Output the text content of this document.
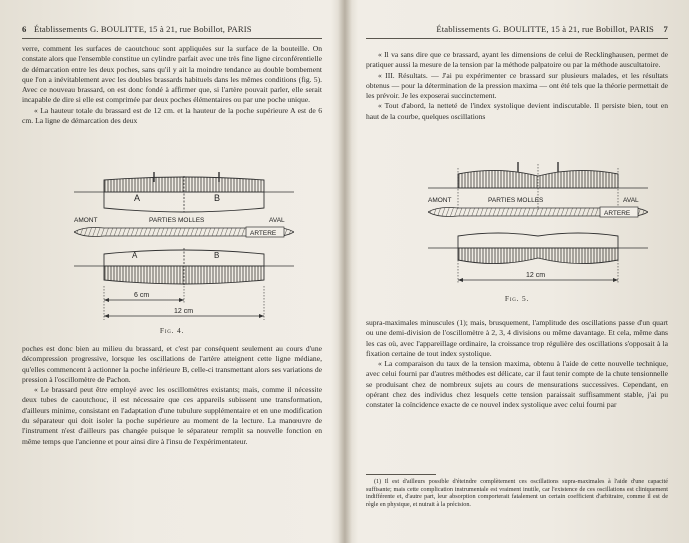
6 Établissements G. BOULITTE, 15 à 21, rue Bobillot, PARIS

verre, comment les surfaces de caoutchouc sont appliquées sur la surface de la bouteille. On constate alors que l'ensemble constitue un cylindre parfait avec une très fine ligne circonférentielle de démarcation entre les deux poches, sans qu'il y ait la moindre tendance au double bombement que l'on a inévitablement avec les doubles brassards habituels dans les mêmes conditions (fig. 5). Avec ce nouveau brassard, on est donc fondé à affirmer que, si l'artère pouvait parler, elle serait incapable de dire si elle est comprimée par deux poches élémentaires ou par une poche unique.

« La hauteur totale du brassard est de 12 cm. et la hauteur de la poche supérieure A est de 6 cm. La ligne de démarcation des deux

A	B
AMONT	PARTIES MOLLES	AVAL
ARTERE
A	B
6 cm
12 cm
Fig. 4.

poches est donc bien au milieu du brassard, et c'est par conséquent seulement au cours d'une décompression progressive, lorsque les oscillations de l'artère atteignent cette ligne médiane, qu'elles commencent à actionner la poche inférieure B, celle-ci transmettant alors ses variations de pression à l'oscillomètre de Pachon.

« Le brassard peut être employé avec les oscillomètres existants; mais, comme il nécessite deux tubes de caoutchouc, il est nécessaire que ces appareils subissent une transformation, d'ailleurs minime, consistant en l'adaptation d'une tubulure supplémentaire et en une modification du séparateur qui doit isoler la poche supérieure au moment de la lecture. La manœuvre de l'instrument n'est d'ailleurs pas changée puisque le séparateur remplit sa nouvelle fonction en même temps que l'ancienne et pour ainsi dire à l'insu de l'expérimentateur.

Établissements G. BOULITTE, 15 à 21, rue Bobillot, PARIS 7

« Il va sans dire que ce brassard, ayant les dimensions de celui de Recklinghausen, permet de pratiquer aussi la mesure de la tension par la méthode palpatoire ou par la méthode auscultatoire.

« III. Résultats. — J'ai pu expérimenter ce brassard sur plusieurs malades, et les résultats obtenus — pour la détermination de la pression maxima — ont été tels que la théorie permettait de les prévoir. Je les exposerai succinctement.

« Tout d'abord, la netteté de l'index systolique devient indiscutable. Il persiste bien, tout en haut de la courbe, quelques oscillations

AMONT	PARTIES MOLLES	AVAL
ARTERE
12 cm
Fig. 5.

supra-maximales minuscules (1); mais, brusquement, l'amplitude des oscillations passe d'un quart ou une demi-division de l'oscillomètre à 2, 3, 4 divisions ou même davantage. Et cela, même dans les cas où, avec l'appareillage ordinaire, la croissance trop régulière des oscillations s'opposait à la fixation certaine de tout index systolique.

« La comparaison du taux de la tension maxima, obtenu à l'aide de cette nouvelle technique, avec celui fourni par d'autres méthodes est délicate, car il faut tenir compte de la chute tensionnelle se produisant chez de nombreux sujets au cours de mensurations successives. Cependant, en opérant chez des individus chez lesquels cette tension paraissait suffisamment stable, j'ai pu constater la coïncidence exacte de ce nouvel index systolique avec celui fourni par

(1) Il est d'ailleurs possible d'éteindre complètement ces oscillations supra-maximales à l'aide d'une capacité suffisante; mais cette complication instrumentale est vraiment inutile, car l'existence de ces oscillations est cliniquement indifférente et, d'autre part, leur absorption comporterait fatalement un certain coefficient d'arbitraire, comme il est de règle en physique, et nuirait à la précision.
